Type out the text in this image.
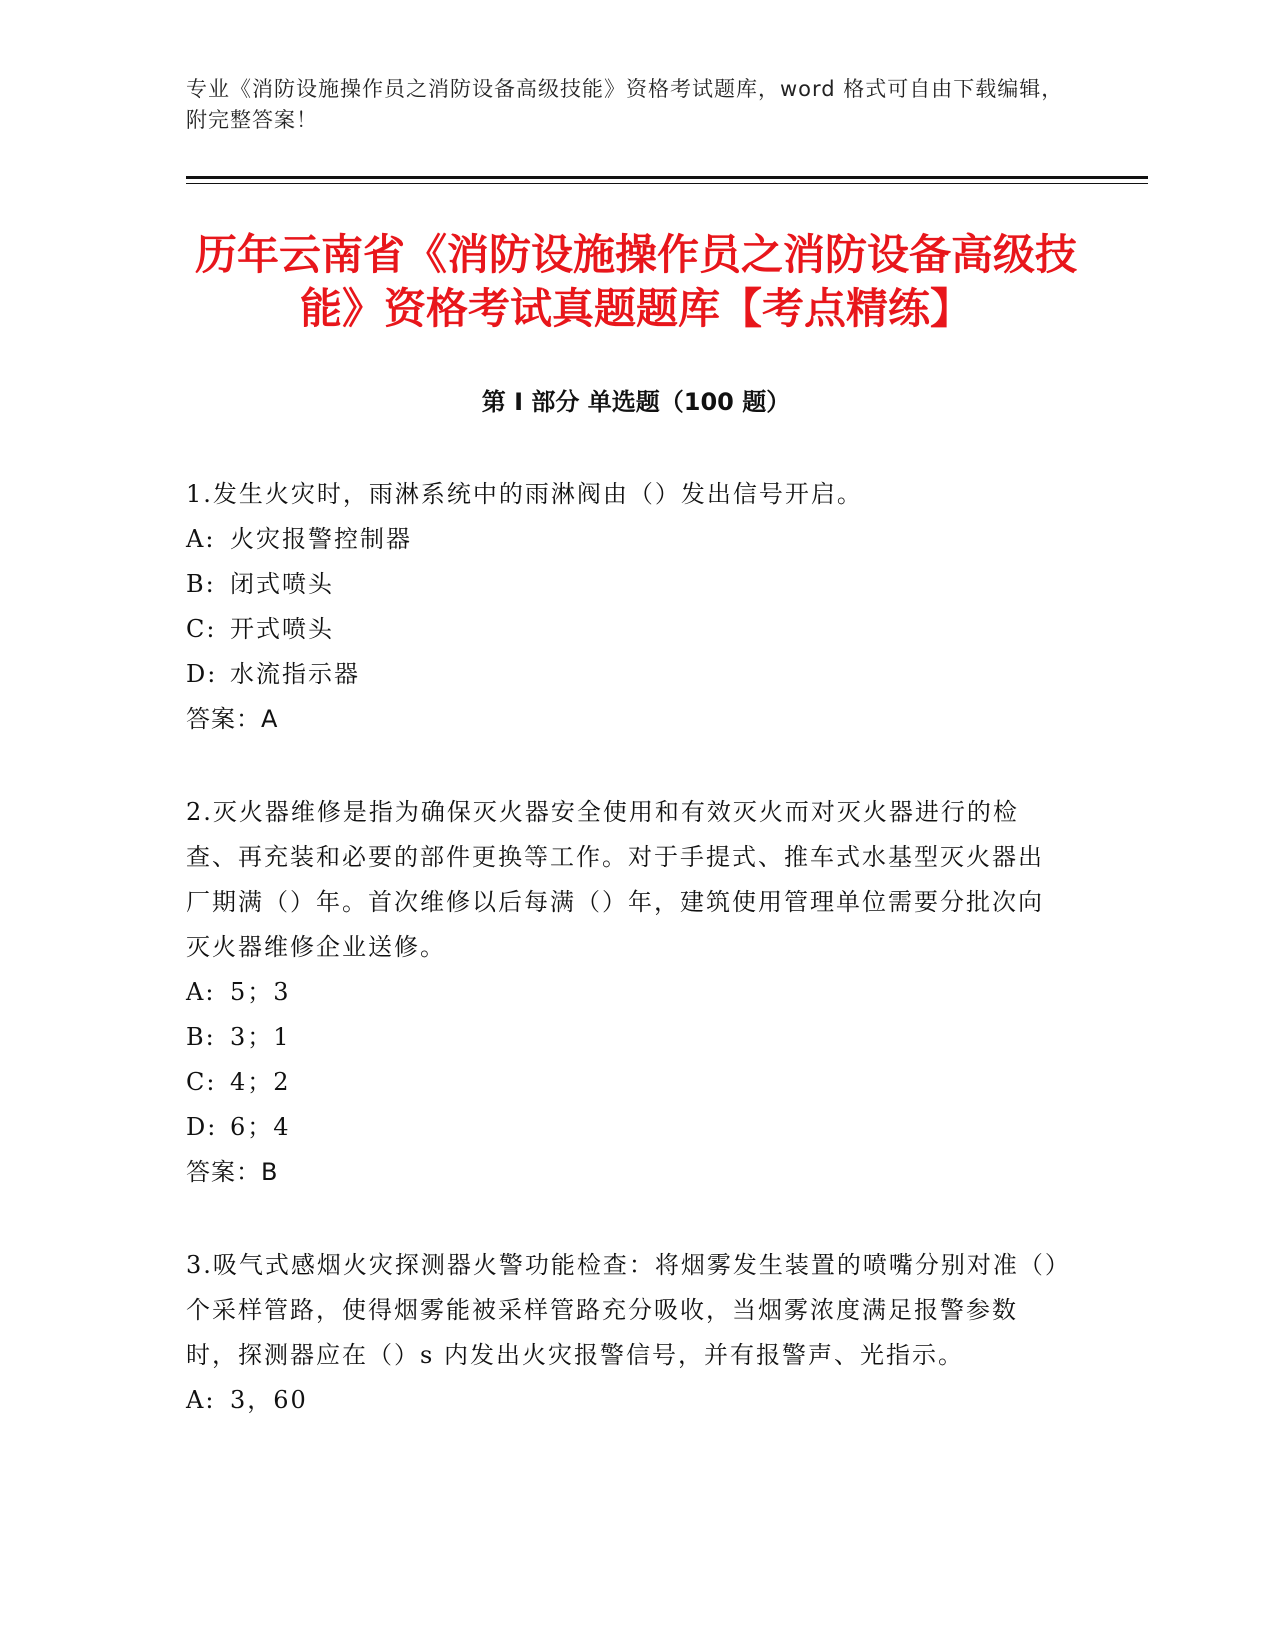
专业《消防设施操作员之消防设备高级技能》资格考试题库，word 格式可自由下载编辑，附完整答案！
历年云南省《消防设施操作员之消防设备高级技能》资格考试真题题库【考点精练】
第 I 部分 单选题（100 题）

1.发生火灾时，雨淋系统中的雨淋阀由（）发出信号开启。

A: 火灾报警控制器

B: 闭式喷头

C: 开式喷头

D: 水流指示器

答案：A

2.灭火器维修是指为确保灭火器安全使用和有效灭火而对灭火器进行的检查、再充装和必要的部件更换等工作。对于手提式、推车式水基型灭火器出厂期满（）年。首次维修以后每满（）年，建筑使用管理单位需要分批次向灭火器维修企业送修。

A: 5；3

B: 3；1

C: 4；2

D: 6；4

答案：B

3.吸气式感烟火灾探测器火警功能检查：将烟雾发生装置的喷嘴分别对准（）个采样管路，使得烟雾能被采样管路充分吸收，当烟雾浓度满足报警参数时，探测器应在（）s 内发出火灾报警信号，并有报警声、光指示。

A: 3，60
